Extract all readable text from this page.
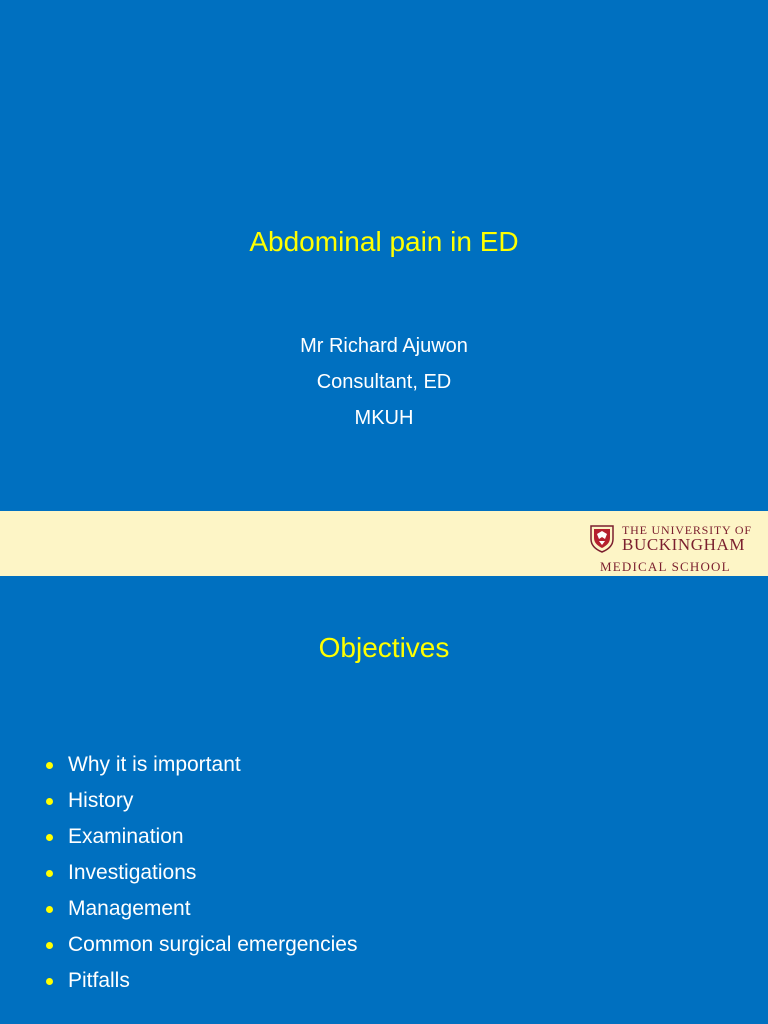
Abdominal pain in ED
Mr Richard Ajuwon
Consultant, ED
MKUH
THE UNIVERSITY OF
BUCKINGHAM
MEDICAL SCHOOL
Objectives
Why it is important
History
Examination
Investigations
Management
Common surgical emergencies
Pitfalls
